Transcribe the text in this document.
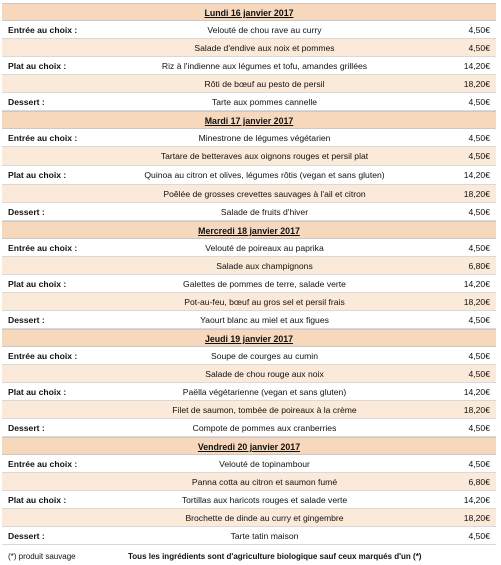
Lundi 16 janvier 2017
Entrée au choix :	Velouté de chou rave au curry	4,50€
Salade d'endive aux noix et pommes	4,50€
Plat au choix :	Riz à l'indienne aux légumes et tofu, amandes grillées	14,20€
Rôti de bœuf au pesto de persil	18,20€
Dessert :	Tarte aux pommes cannelle	4,50€
Mardi 17 janvier 2017
Entrée au choix :	Minestrone de légumes végétarien	4,50€
Tartare de betteraves aux oignons rouges et persil plat	4,50€
Plat au choix :	Quinoa au citron et olives, légumes rôtis (vegan et sans gluten)	14,20€
Poêlée de grosses crevettes sauvages à l'ail et citron	18,20€
Dessert :	Salade de fruits d'hiver	4,50€
Mercredi 18 janvier 2017
Entrée au choix :	Velouté de poireaux au paprika	4,50€
Salade aux champignons	6,80€
Plat au choix :	Galettes de pommes de terre, salade verte	14,20€
Pot-au-feu, bœuf au gros sel et persil frais	18,20€
Dessert :	Yaourt blanc au miel et aux figues	4,50€
Jeudi 19 janvier 2017
Entrée au choix :	Soupe de courges au cumin	4,50€
Salade de chou rouge aux noix	4,50€
Plat au choix :	Paëlla végétarienne (vegan et sans gluten)	14,20€
Filet de saumon, tombée de poireaux à la crème	18,20€
Dessert :	Compote de pommes aux cranberries	4,50€
Vendredi 20 janvier 2017
Entrée au choix :	Velouté de topinambour	4,50€
Panna cotta au citron et saumon fumé	6,80€
Plat au choix :	Tortillas aux haricots rouges et salade verte	14,20€
Brochette de dinde au curry et gingembre	18,20€
Dessert :	Tarte tatin maison	4,50€
(*) produit sauvage	Tous les ingrédients sont d'agriculture biologique sauf ceux marqués d'un (*)
